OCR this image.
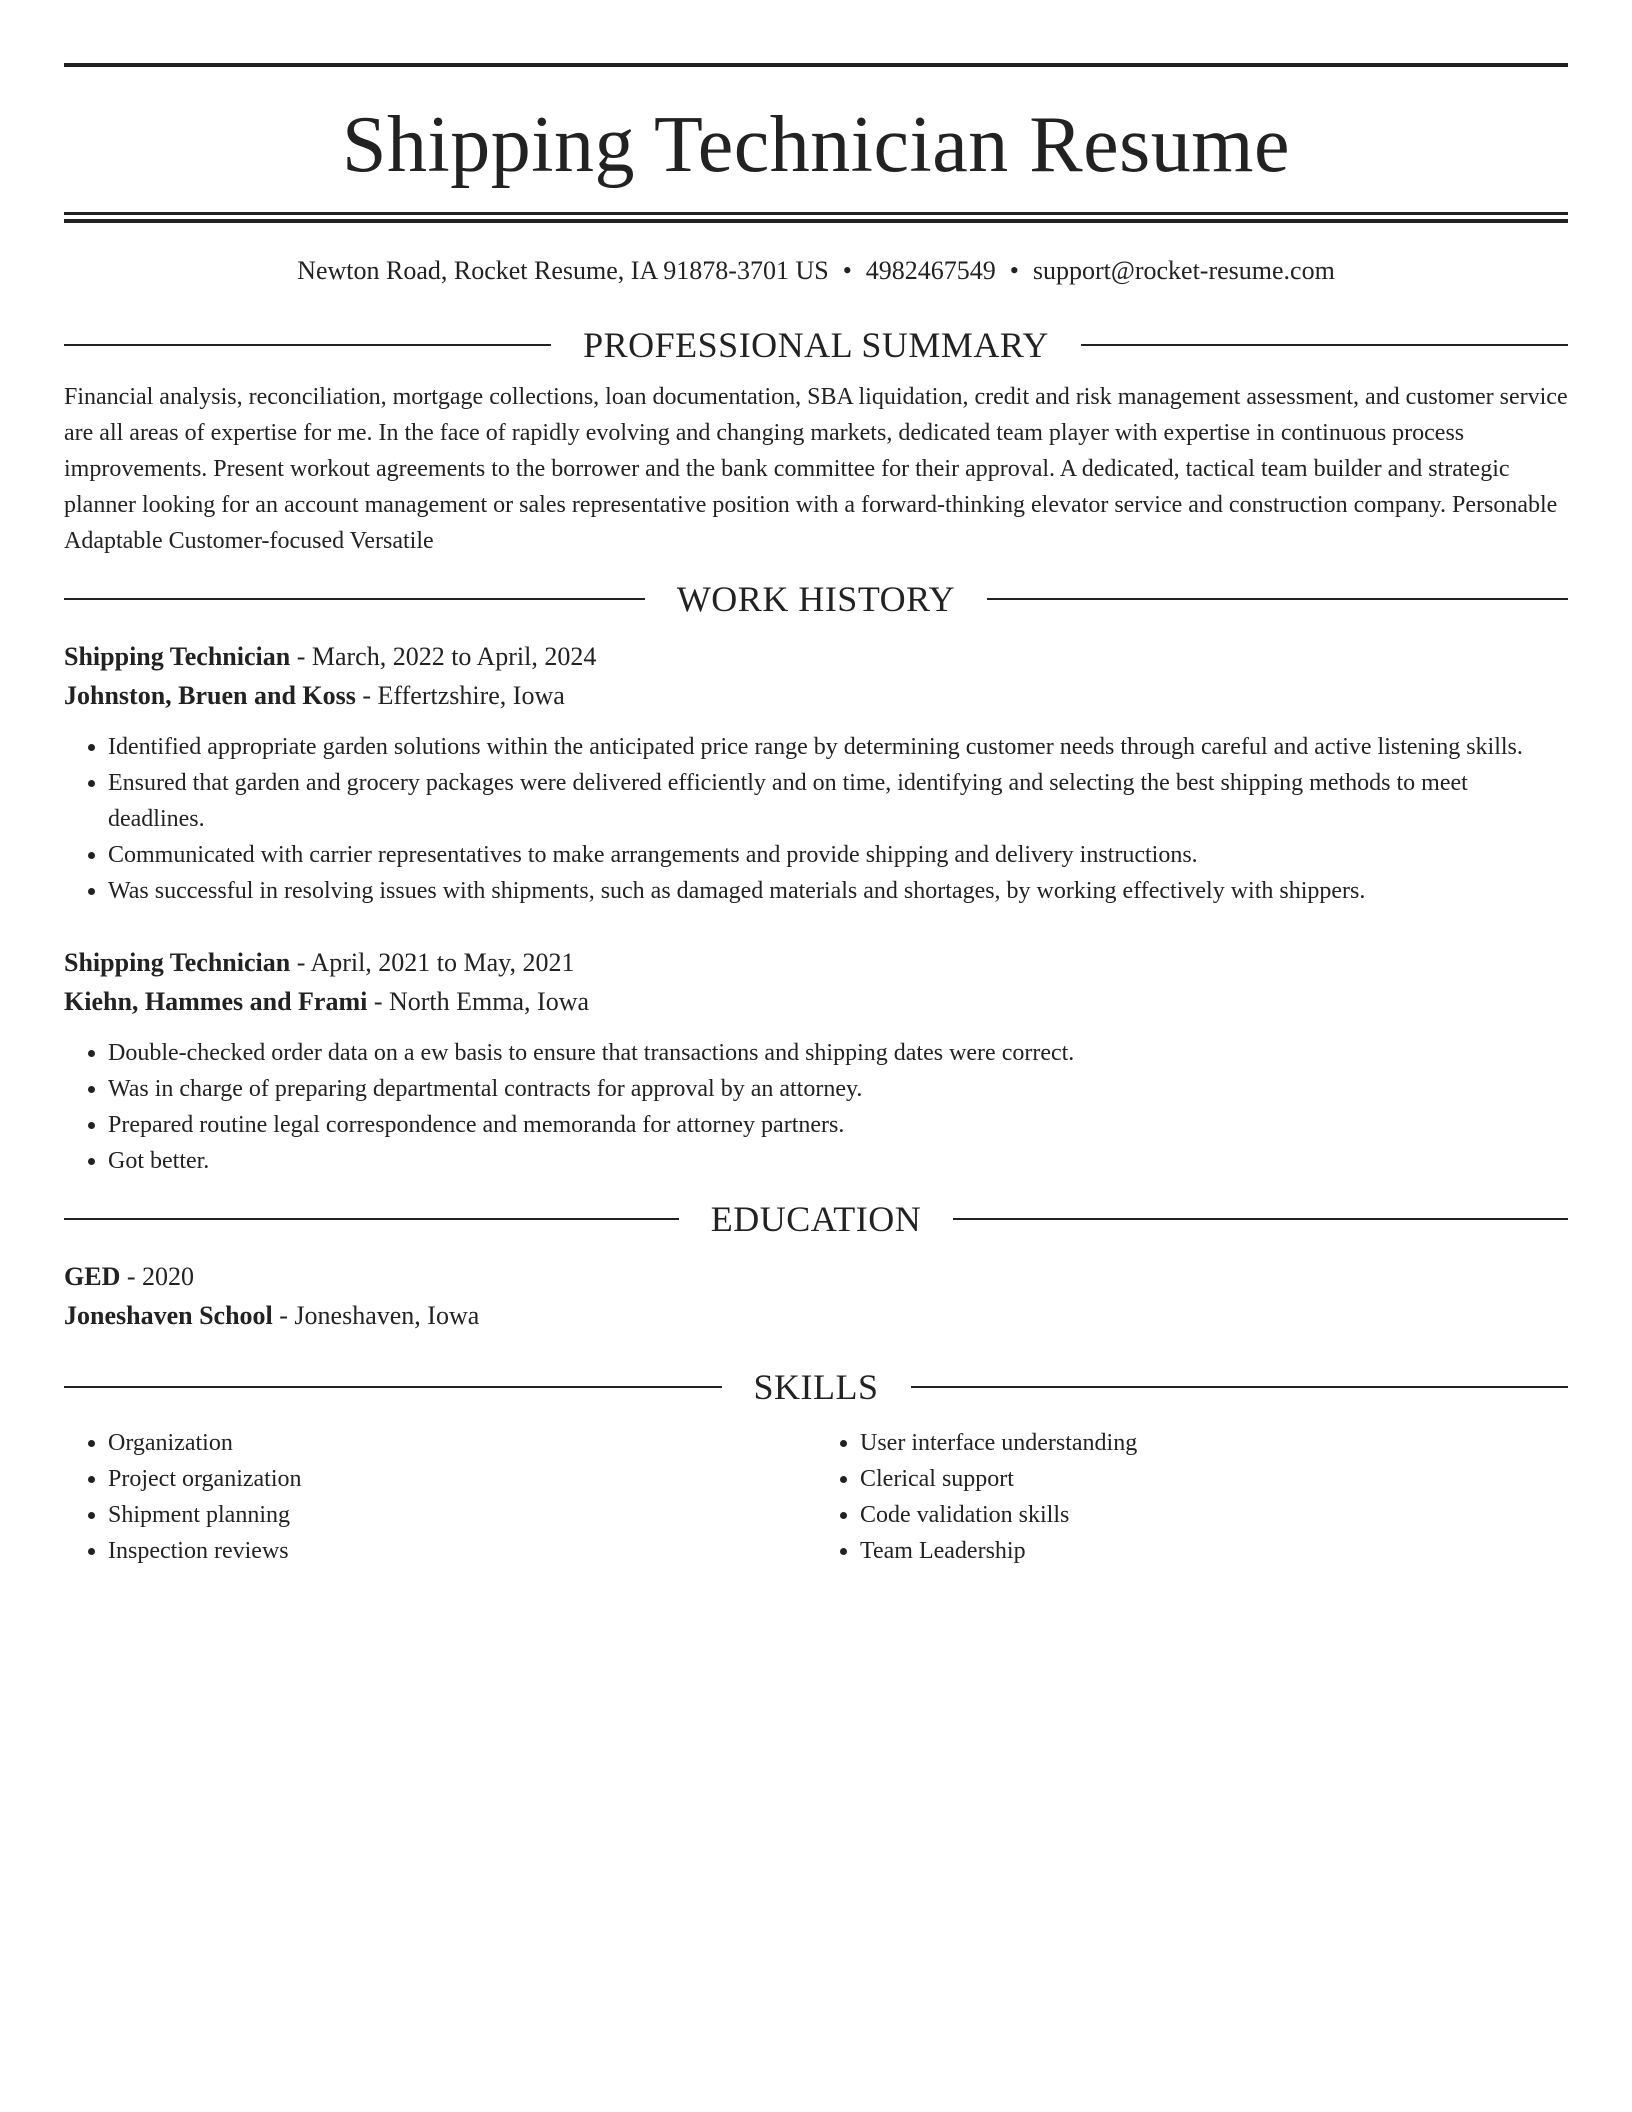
Shipping Technician Resume
Newton Road, Rocket Resume, IA 91878-3701 US • 4982467549 • support@rocket-resume.com
PROFESSIONAL SUMMARY

Financial analysis, reconciliation, mortgage collections, loan documentation, SBA liquidation, credit and risk management assessment, and customer service are all areas of expertise for me. In the face of rapidly evolving and changing markets, dedicated team player with expertise in continuous process improvements. Present workout agreements to the borrower and the bank committee for their approval. A dedicated, tactical team builder and strategic planner looking for an account management or sales representative position with a forward-thinking elevator service and construction company. Personable Adaptable Customer-focused Versatile

WORK HISTORY
Shipping Technician - March, 2022 to April, 2024
Johnston, Bruen and Koss - Effertzshire, Iowa
• Identified appropriate garden solutions within the anticipated price range by determining customer needs through careful and active listening skills.
• Ensured that garden and grocery packages were delivered efficiently and on time, identifying and selecting the best shipping methods to meet deadlines.
• Communicated with carrier representatives to make arrangements and provide shipping and delivery instructions.
• Was successful in resolving issues with shipments, such as damaged materials and shortages, by working effectively with shippers.
Shipping Technician - April, 2021 to May, 2021
Kiehn, Hammes and Frami - North Emma, Iowa
• Double-checked order data on a ew basis to ensure that transactions and shipping dates were correct.
• Was in charge of preparing departmental contracts for approval by an attorney.
• Prepared routine legal correspondence and memoranda for attorney partners.
• Got better.
EDUCATION
GED - 2020
Joneshaven School - Joneshaven, Iowa
SKILLS
• Organization
• Project organization
• Shipment planning
• Inspection reviews
• User interface understanding
• Clerical support
• Code validation skills
• Team Leadership
